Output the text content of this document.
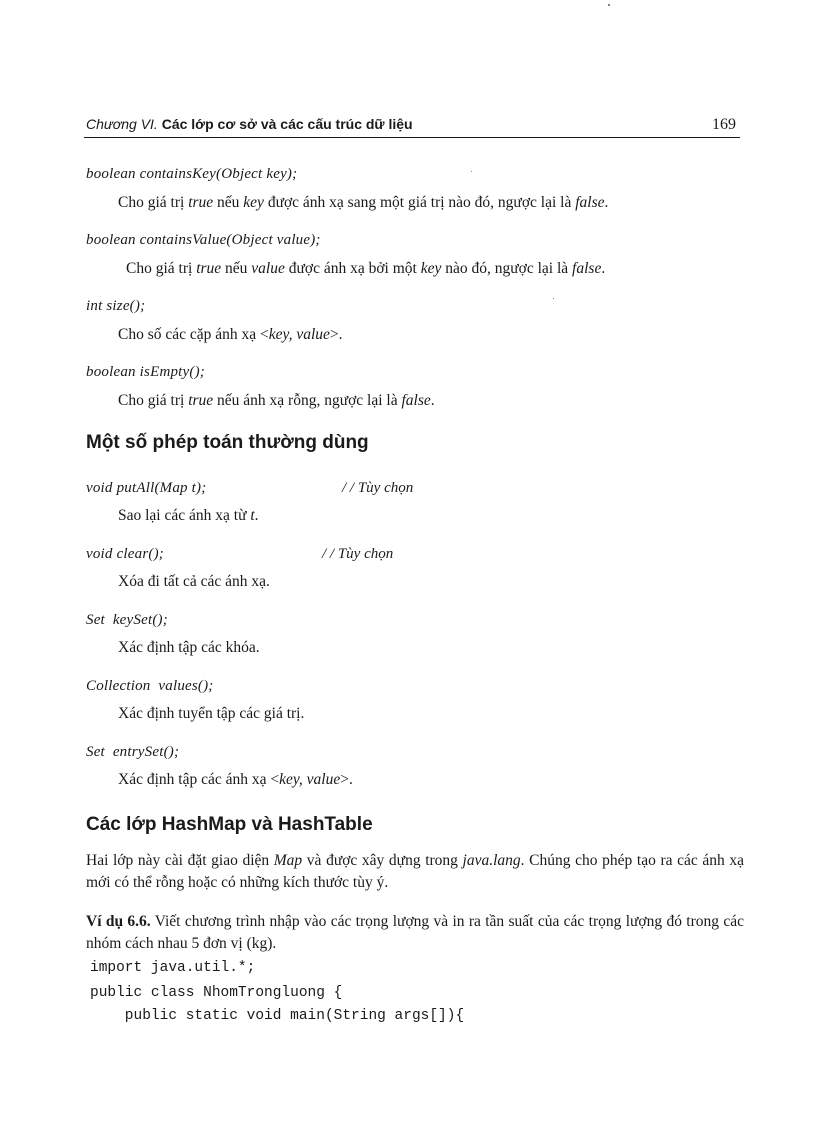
Chương VI. Các lớp cơ sở và các cấu trúc dữ liệu	169
boolean containsKey(Object key);
Cho giá trị true nếu key được ánh xạ sang một giá trị nào đó, ngược lại là false.
boolean containsValue(Object value);
Cho giá trị true nếu value được ánh xạ bởi một key nào đó, ngược lại là false.
int size();
Cho số các cặp ánh xạ <key, value>.
boolean isEmpty();
Cho giá trị true nếu ánh xạ rỗng, ngược lại là false.
Một số phép toán thường dùng
void putAll(Map t);	/ / Tùy chọn
Sao lại các ánh xạ từ t.
void clear();	/ / Tùy chọn
Xóa đi tất cả các ánh xạ.
Set  keySet();
Xác định tập các khóa.
Collection  values();
Xác định tuyển tập các giá trị.
Set  entrySet();
Xác định tập các ánh xạ <key, value>.
Các lớp HashMap và HashTable
Hai lớp này cài đặt giao diện Map và được xây dựng trong java.lang. Chúng cho phép tạo ra các ánh xạ mới có thể rỗng hoặc có những kích thước tùy ý.
Ví dụ 6.6. Viết chương trình nhập vào các trọng lượng và in ra tần suất của các trọng lượng đó trong các nhóm cách nhau 5 đơn vị (kg).
import java.util.*;
public class NhomTrongluong {
public static void main(String args[]){
